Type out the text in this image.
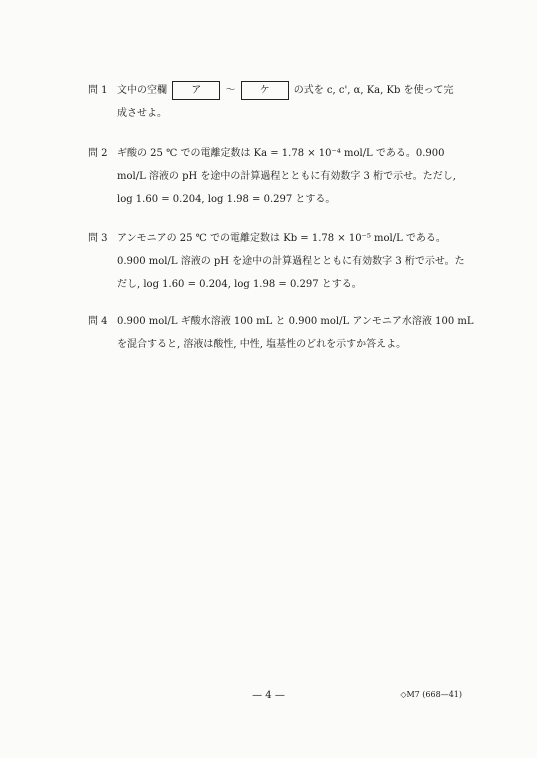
問 1 文中の空欄 ア 〜 ケ の式を c, c', α, Ka, Kb を使って完
成させよ。
問 2 ギ酸の 25 ℃ での電離定数は Ka = 1.78 × 10⁻⁴ mol/L である。0.900
mol/L 溶液の pH を途中の計算過程とともに有効数字 3 桁で示せ。ただし,
log 1.60 = 0.204, log 1.98 = 0.297 とする。
問 3 アンモニアの 25 ℃ での電離定数は Kb = 1.78 × 10⁻⁵ mol/L である。
0.900 mol/L 溶液の pH を途中の計算過程とともに有効数字 3 桁で示せ。た
だし, log 1.60 = 0.204, log 1.98 = 0.297 とする。
問 4 0.900 mol/L ギ酸水溶液 100 mL と 0.900 mol/L アンモニア水溶液 100 mL
を混合すると, 溶液は酸性, 中性, 塩基性のどれを示すか答えよ。
— 4 —	◇M7 (668—41)
